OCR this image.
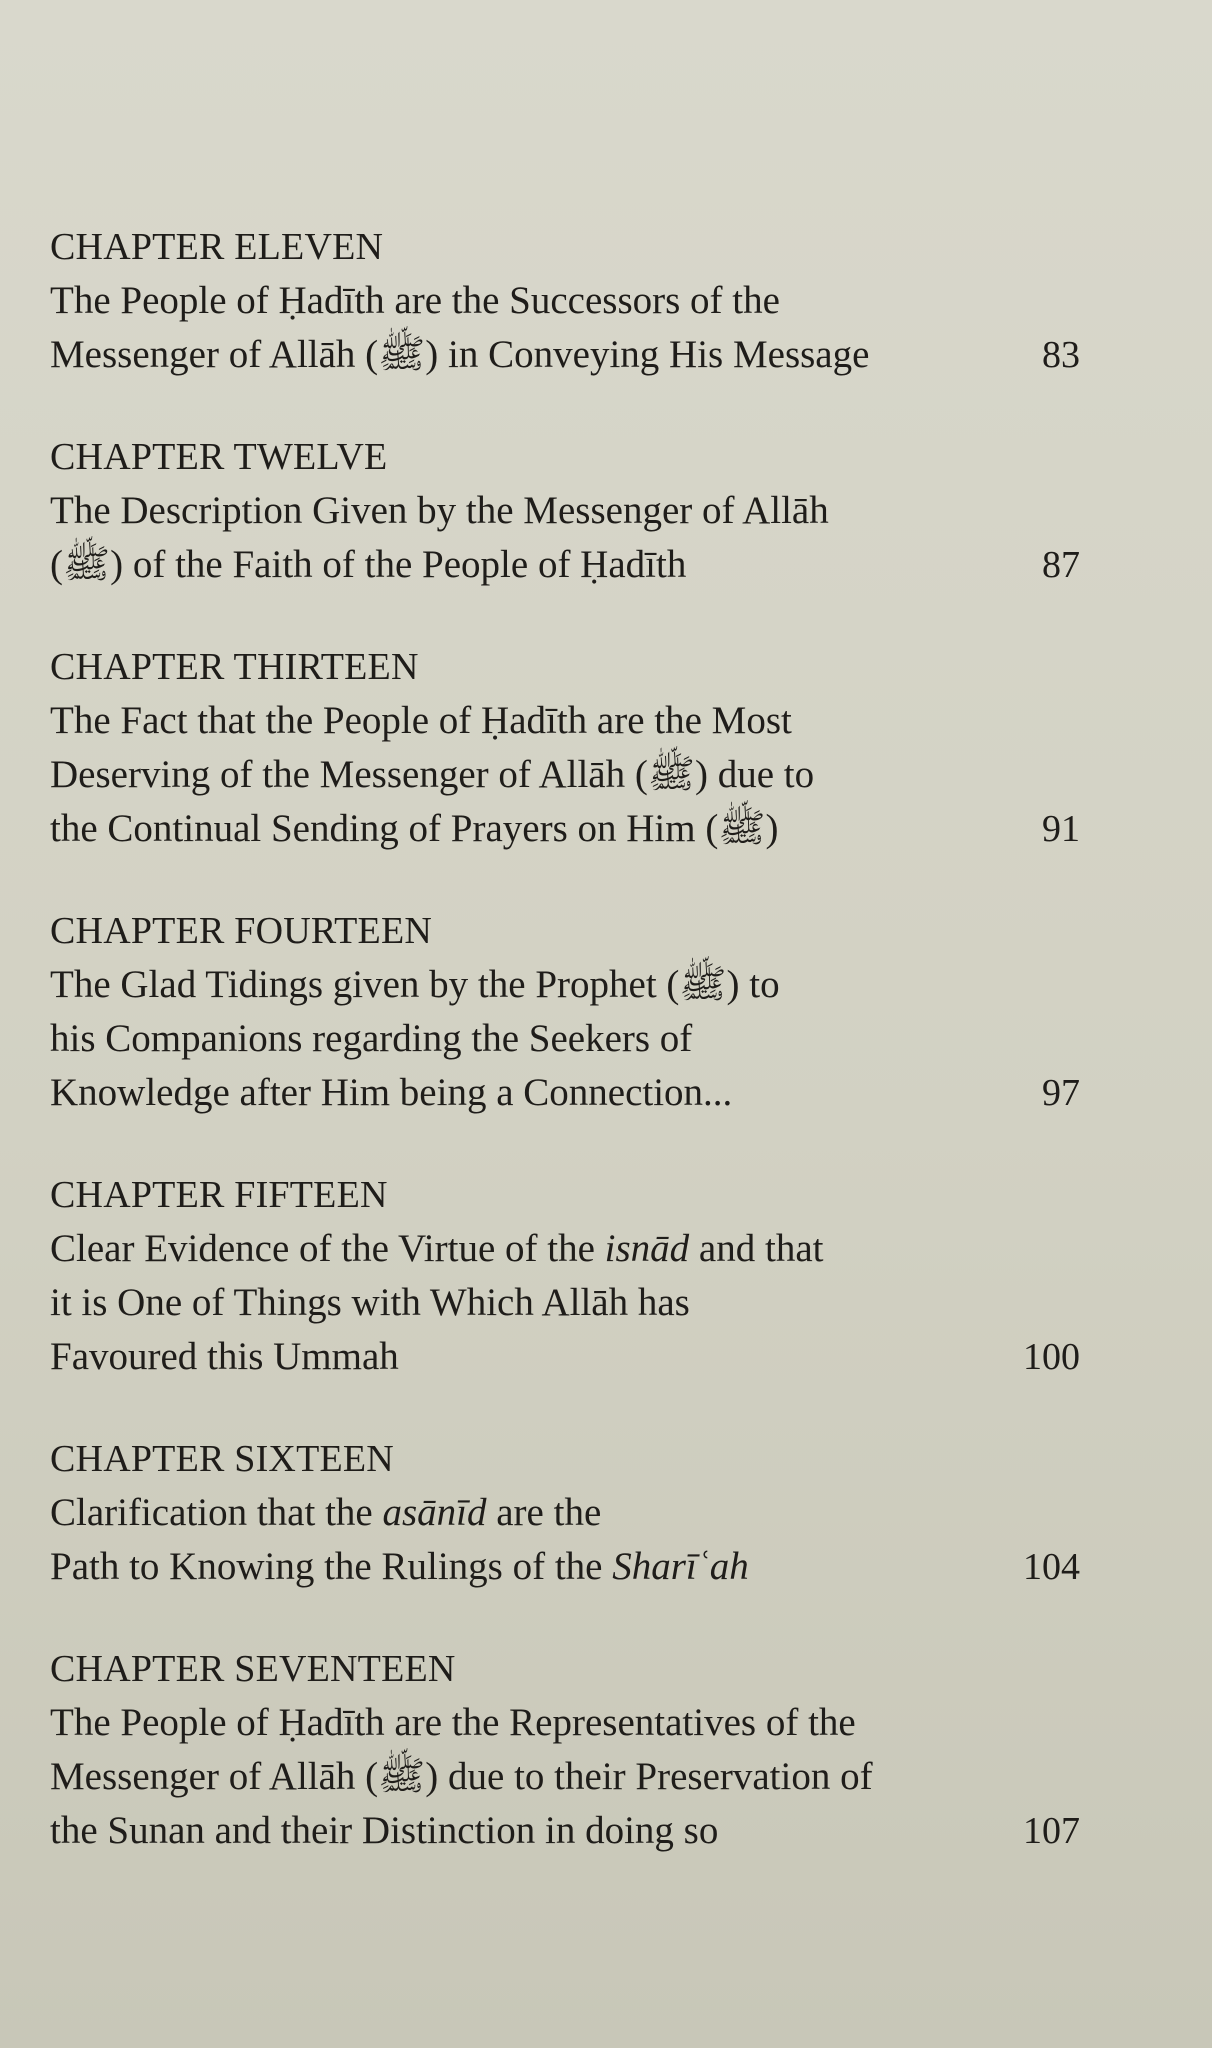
CHAPTER ELEVEN
The People of Ḥadīth are the Successors of the
Messenger of Allāh (ﷺ) in Conveying His Message	83
CHAPTER TWELVE
The Description Given by the Messenger of Allāh
(ﷺ) of the Faith of the People of Ḥadīth	87
CHAPTER THIRTEEN
The Fact that the People of Ḥadīth are the Most
Deserving of the Messenger of Allāh (ﷺ) due to
the Continual Sending of Prayers on Him (ﷺ)	91
CHAPTER FOURTEEN
The Glad Tidings given by the Prophet (ﷺ) to
his Companions regarding the Seekers of
Knowledge after Him being a Connection...	97
CHAPTER FIFTEEN
Clear Evidence of the Virtue of the isnād and that
it is One of Things with Which Allāh has
Favoured this Ummah	100
CHAPTER SIXTEEN
Clarification that the asānīd are the
Path to Knowing the Rulings of the Sharīʿah	104
CHAPTER SEVENTEEN
The People of Ḥadīth are the Representatives of the
Messenger of Allāh (ﷺ) due to their Preservation of
the Sunan and their Distinction in doing so	107
